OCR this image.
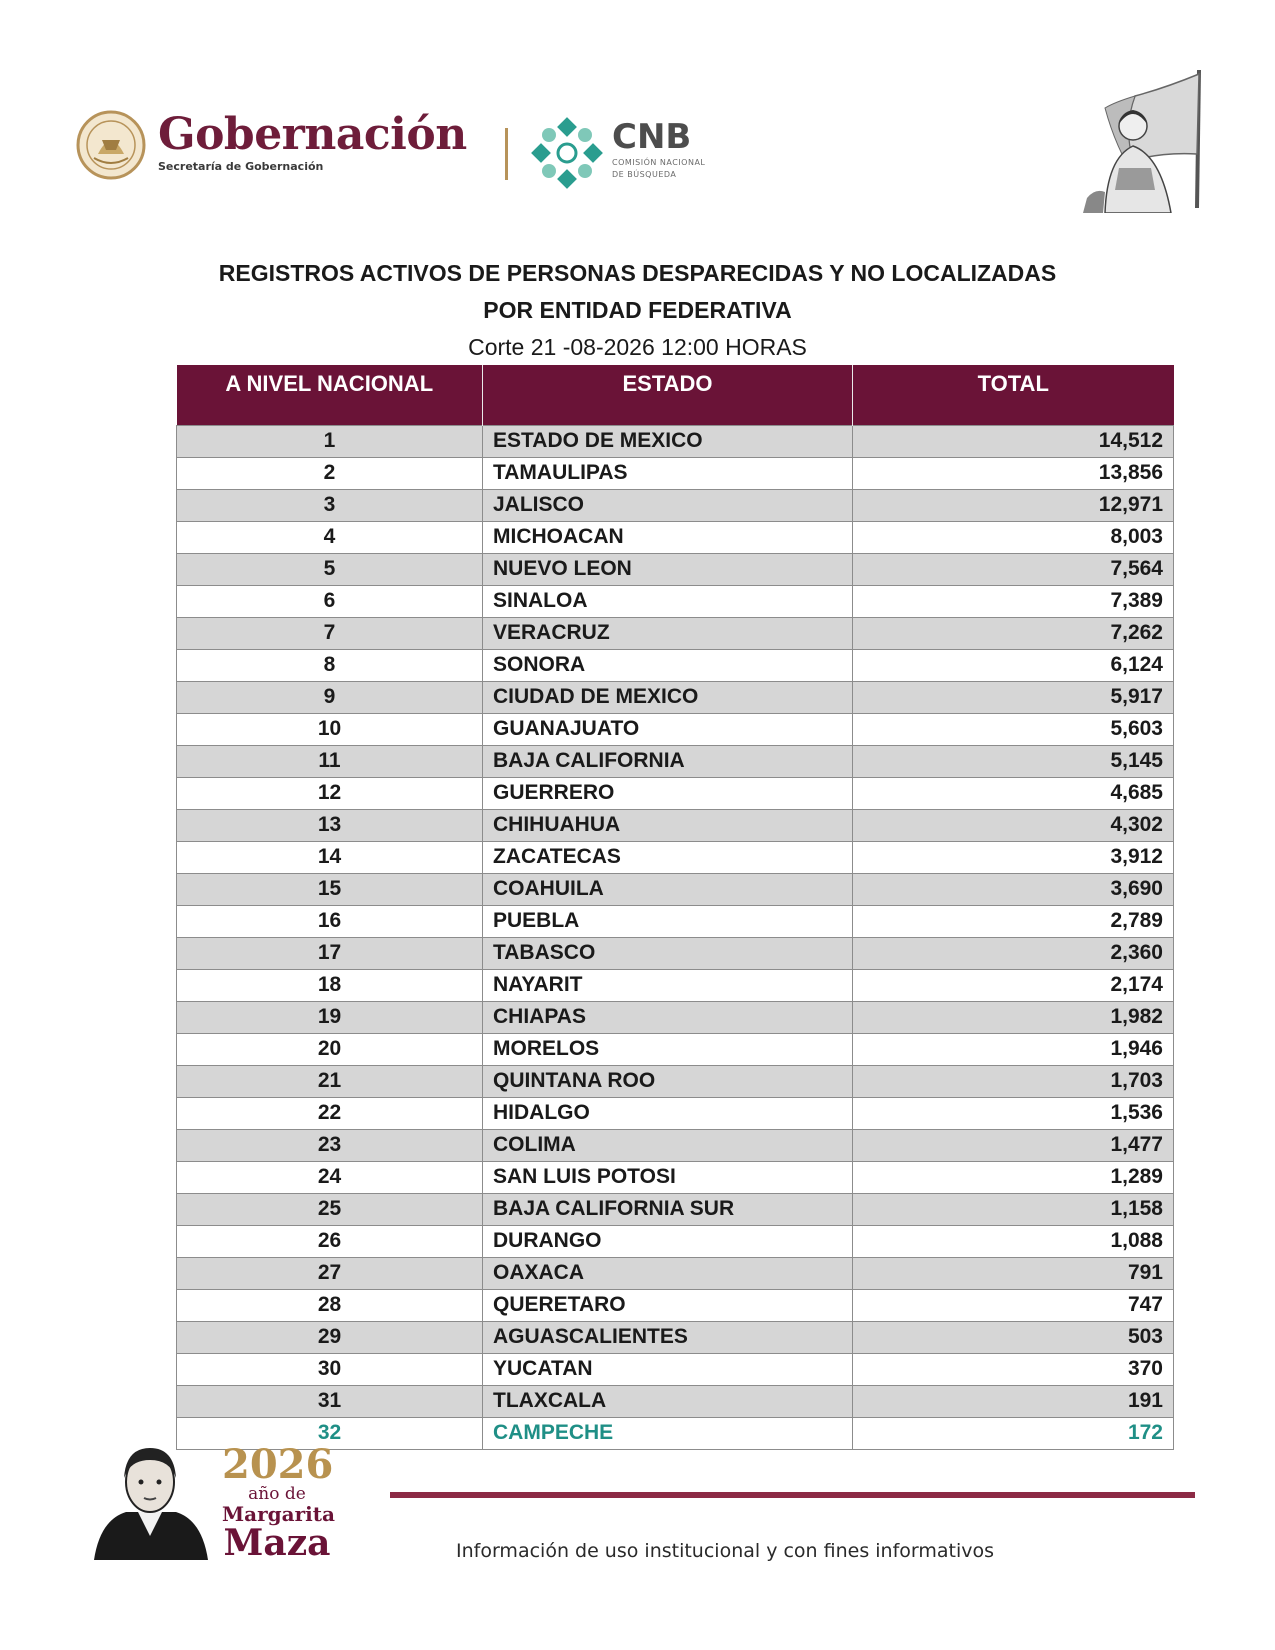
Gobernación
Secretaría de Gobernación
CNB
COMISIÓN NACIONAL
DE BÚSQUEDA
REGISTROS ACTIVOS DE PERSONAS DESPARECIDAS Y NO LOCALIZADAS
POR ENTIDAD FEDERATIVA
Corte 21 -08-2026 12:00 HORAS
A NIVEL NACIONAL	ESTADO	TOTAL
1	ESTADO DE MEXICO	14,512
2	TAMAULIPAS	13,856
3	JALISCO	12,971
4	MICHOACAN	8,003
5	NUEVO LEON	7,564
6	SINALOA	7,389
7	VERACRUZ	7,262
8	SONORA	6,124
9	CIUDAD DE MEXICO	5,917
10	GUANAJUATO	5,603
11	BAJA CALIFORNIA	5,145
12	GUERRERO	4,685
13	CHIHUAHUA	4,302
14	ZACATECAS	3,912
15	COAHUILA	3,690
16	PUEBLA	2,789
17	TABASCO	2,360
18	NAYARIT	2,174
19	CHIAPAS	1,982
20	MORELOS	1,946
21	QUINTANA ROO	1,703
22	HIDALGO	1,536
23	COLIMA	1,477
24	SAN LUIS POTOSI	1,289
25	BAJA CALIFORNIA SUR	1,158
26	DURANGO	1,088
27	OAXACA	791
28	QUERETARO	747
29	AGUASCALIENTES	503
30	YUCATAN	370
31	TLAXCALA	191
32	CAMPECHE	172
2026
año de
Margarita
Maza	Información de uso institucional y con fines informativos
